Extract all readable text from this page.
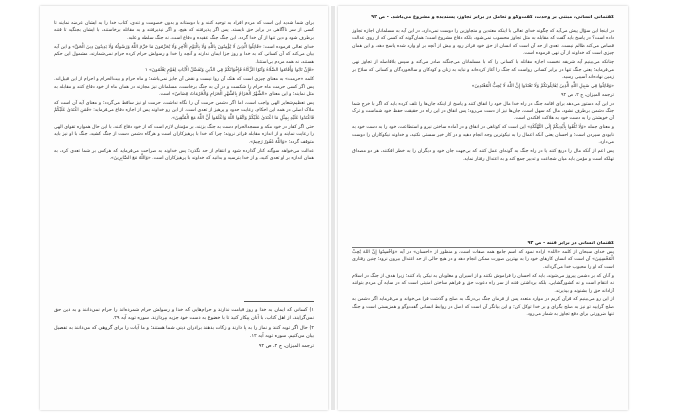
برای شما شدید این است که مردم افراد به توحید کنند و با دوستانه و بدون خصومت و تندی، کتاب خدا را به ایشان عرضه نمایند تا کسی از سر ناآگاهی در برابر حق نایستد. پس اگر پذیرفتند که هیچ، و اگر نپذیرفتند و به مقاتله برخاستند، با ایشان بجنگید تا فتنه برطرف شود و دین تنها از آن خدا گردد. این جنگ جنگ عقیده و دفاع است، نه جنگ سلطه و غلبه.

خدای تعالی فرموده است: «قَاتِلُوا الَّذِينَ لَا يُؤْمِنُونَ بِاللَّهِ وَلَا بِالْيَوْمِ الْآخِرِ وَلَا يُحَرِّمُونَ مَا حَرَّمَ اللَّهُ وَرَسُولُهُ وَلَا يَدِينُونَ دِينَ الْحَقِّ» و این آیه بیان می‌کند که آن کسانی که به خدا و روز جزا ایمان ندارند و آنچه را خدا و رسولش حرام کرده حرام نمی‌شمارند، مشمول این حکم هستند، نه همه مردم بی‌استثنا.

«فَإِنْ تَابُوا وَأَقَامُوا الصَّلَاةَ وَآتَوُا الزَّكَاةَ فَإِخْوَانُكُمْ فِي الدِّينِ وَنُفَصِّلُ الْآيَاتِ لِقَوْمٍ يَعْلَمُونَ» ۱

کلمه «حرمت» به معنای چیزی است که هتک آن روا نیست و نقض آن جایز نمی‌باشد؛ و ماه حرام و بیت‌الحرام و احرام از این قبیل‌اند. پس اگر کسی حرمت ماه حرام را شکست و در آن به جنگ برخاست، مسلمانان نیز مجازند در همان ماه از خود دفاع کنند و مقابله به مثل نمایند؛ و این معنای «الشَّهْرُ الْحَرَامُ بِالشَّهْرِ الْحَرَامِ وَالْحُرُمَاتُ قِصَاصٌ» است.

پس تعظیم‌شعایر الهی واجب است، اما اگر دشمن حرمت آن را نگاه نداشت، حرمت او نیز ساقط می‌گردد؛ و معنای آیه آن است که ملاک اصلی در همه این احکام، رعایت حدود و پرهیز از تعدی است. از این رو خداوند پس از اجازه دفاع می‌فرماید: «فَمَنِ اعْتَدَىٰ عَلَيْكُمْ فَاعْتَدُوا عَلَيْهِ بِمِثْلِ مَا اعْتَدَىٰ عَلَيْكُمْ وَاتَّقُوا اللَّهَ وَاعْلَمُوا أَنَّ اللَّهَ مَعَ الْمُتَّقِينَ».

حتی اگر کفار در خود مکه و مسجدالحرام دست به جنگ بزنند، بر مؤمنان لازم است که از خود دفاع کنند، با این حال همواره تقوای الهی را رعایت نمایند و از اندازه مقابله فراتر نروند؛ چرا که خدا با پرهیزکاران است و هرگاه دشمن دست از جنگ کشید، جنگ با او نیز باید متوقف گردد؛ «وَاللَّهُ غَفُورٌ رَحِيمٌ».

عدالت می‌خواهد سوگند کنار گذارده شود و انتقام از حد نگذرد؛ پس خداوند به صراحت می‌فرماید که هرکس بر شما تعدی کرد، به همان اندازه بر او تعدی کنید، و از خدا بترسید و بدانید که خداوند با پرهیزکاران است. «وَاللَّهُ مَعَ الصَّابِرِينَ».

۱) کسانی که ایمان به خدا و روز قیامت ندارند و حرام‌هایی که خدا و رسولش حرام شمرده‌اند را حرام نمی‌دانند و به دین حق نمی‌گرایند، از اهل کتاب، با آنان پیکار کنید تا با خضوع به دست خود جزیه بپردازند. سوره توبه آیه ۲۹.

۲) حال اگر توبه کنند و نماز را به پا دارند و زکات بدهند برادران دینی شما هستند؛ و ما آیات را برای گروهی که می‌دانند به تفصیل بیان می‌کنیم. سوره توبه آیه ۱۲.

ترجمه الميزان، ج ۲، ص ۹۴

گفتمانی انسانی، مبتنی بر وحدت، گفت‌وگو و تعامل در برابر تجاوز، پسندیده و مشروع می‌باشد. - ص ۹۲

در اینجا این سؤال پیش می‌آید که چگونه خدای تعالی با اینکه معتدین و متجاوزین را دوست نمی‌دارد، در این آیه به مسلمانان اجازه تجاوز داده است؟ در پاسخ باید گفت که مقابله به مثل تجاوز محسوب نمی‌شود، بلکه دفاع مشروع است؛ همان‌گونه که کسی که از روی عدالت قصاص می‌کند ظالم نیست. تعدی از حد آن است که انسان از حق خود فراتر رود و بیش از آنچه بر او وارد شده پاسخ دهد، و این همان چیزی است که خداوند از آن نهی فرموده است.

چنانکه می‌بینیم آیه شریفه نخست اجازه مقاتله با کسانی را که با مسلمانان می‌جنگند صادر می‌کند و سپس بلافاصله از تجاوز نهی می‌فرماید؛ یعنی جنگ تنها در برابر کسانی رواست که جنگ را آغاز کرده‌اند و نباید به زنان و کودکان و سالخوردگان و کسانی که سلاح بر زمین نهاده‌اند آسیبی رسید.

«وَقَاتِلُوا فِي سَبِيلِ اللَّهِ الَّذِينَ يُقَاتِلُونَكُمْ وَلَا تَعْتَدُوا إِنَّ اللَّهَ لَا يُحِبُّ الْمُعْتَدِينَ»

ترجمه الميزان، ج ۲، ص ۹۲

در این آیه دستور می‌دهد برای اقامه جنگ در راه خدا مال خود را انفاق کنند و پاسخ از اینکه جان‌ها را تلف کرده باید که اگر با خرج شما جنگ دشمن برطرف نشود، مال که سهل است، جان‌ها نیز از دست می‌رود؛ پس انفاق در این راه در حقیقت حفظ خود شماست و ترک آن خویشتن را به دست خود به هلاکت افکندن است.

و معنای جمله «وَلَا تُلْقُوا بِأَيْدِيكُمْ إِلَى التَّهْلُكَةِ» این است که کوتاهی در انفاق و در آماده ساختن نیرو و استطاعت، خود را به دست خود به نابودی سپردن است؛ و احسان یعنی آنکه اعمال را به نیکوترین وجه انجام دهید و در کار خیر سستی نکنید، و خداوند نیکوکاران را دوست می‌دارد.

پس اعم از آنکه مال را دریغ کنند یا در راه جنگ به گونه‌ای عمل کنند که بی‌جهت جان خود و دیگران را به خطر افکنند، هر دو مصداق تهلکه است و مؤمن باید میان شجاعت و تدبیر جمع کند و به اعتدال رفتار نماید.

گفتمان انسانی در برابر فتنه - ص ۹۳

پس خدای سبحان از کلمه «الله» اراده نمود که اسم جامع همه صفات است، و منظور از «احسان» در آیه «وَأَحْسِنُوا إِنَّ اللَّهَ يُحِبُّ الْمُحْسِنِينَ» آن است که انسان کارهای خود را به بهترین صورت ممکن انجام دهد و در هیچ حالی از حد اعتدال بیرون نرود؛ چنین رفتاری است که او را محبوب خدا می‌گرداند.

و آنان که بر دشمن پیروز می‌شوند، باید که احسان را فراموش نکنند و از اسیران و مغلوبان به نیکی یاد کنند؛ زیرا هدف از جنگ در اسلام نه انتقام است و نه کشورگشایی، بلکه برداشتن فتنه از سر راه دعوت حق و فراهم ساختن امنیتی است که در سایه آن مردم بتوانند آزادانه حق را بشنوند و بپذیرند.

از این رو می‌بینیم که قرآن کریم در موارد متعدد پس از فرمان جنگ بی‌درنگ به صلح و گذشت فرا می‌خواند و می‌فرماید اگر دشمن به صلح گرایید تو نیز به صلح بگرای و بر خدا توکل کن؛ و این بیانگر آن است که اصل در روابط انسانی گفت‌وگو و همزیستی است و جنگ تنها ضرورتی برای دفع تجاوز به شمار می‌رود.
